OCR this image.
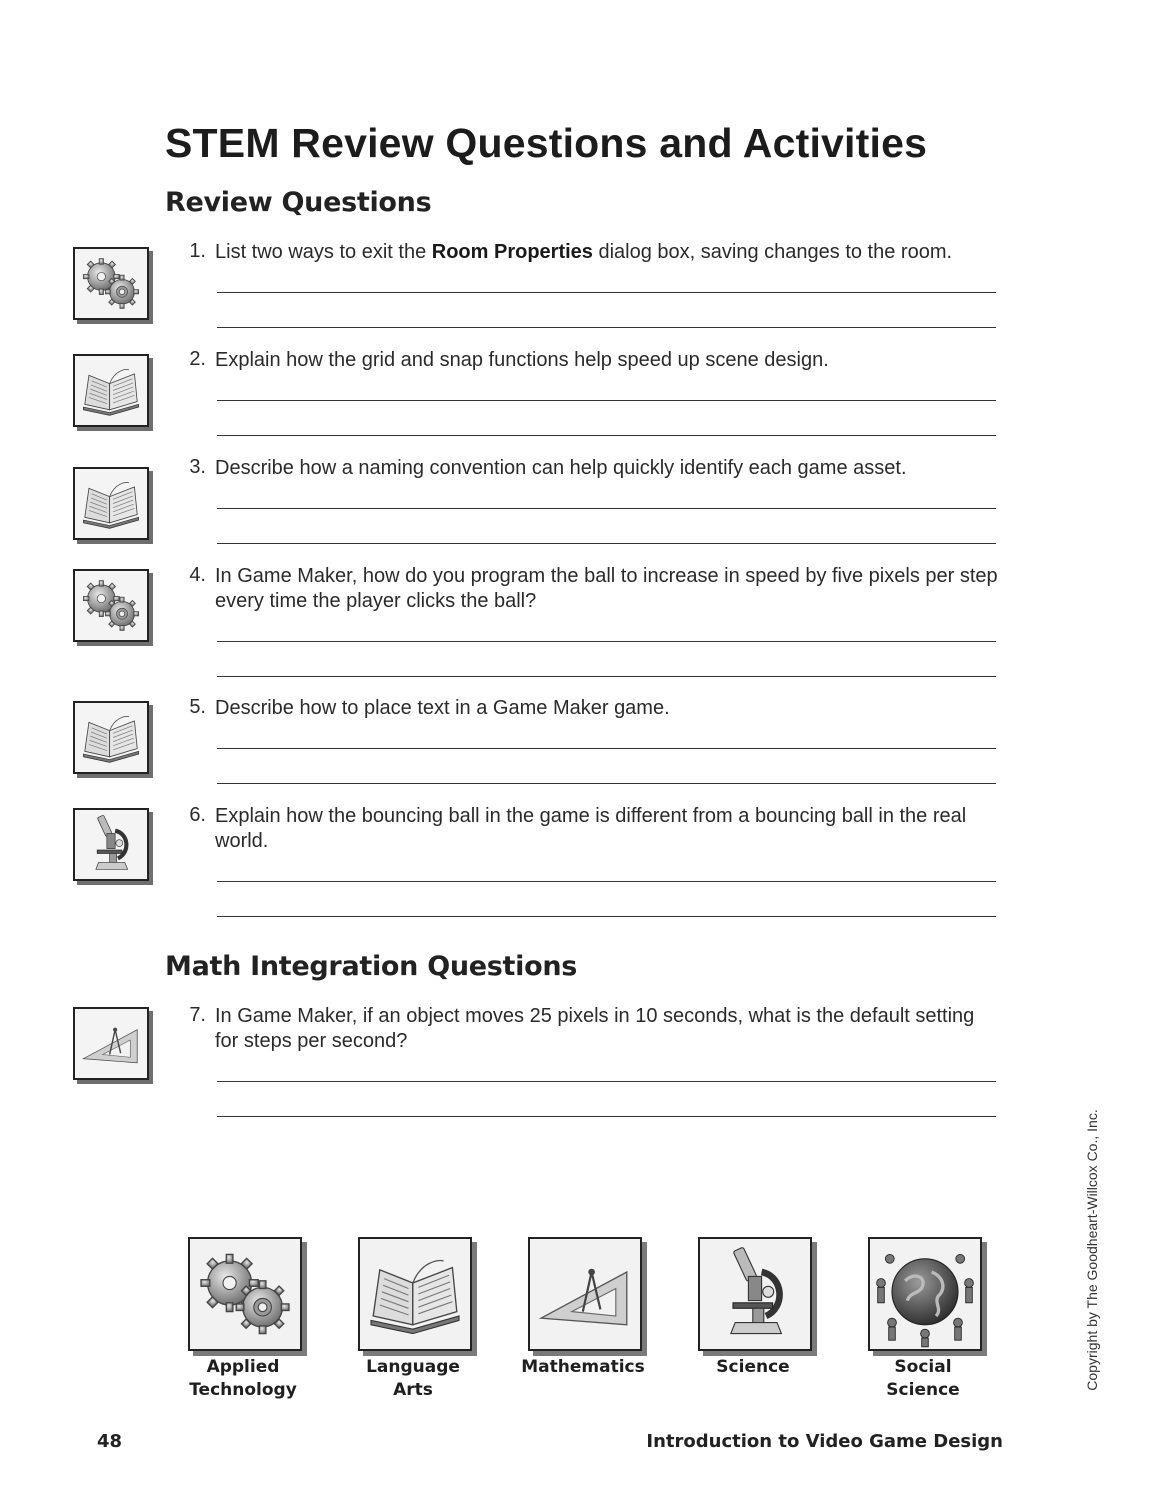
STEM Review Questions and Activities
Review Questions
1. List two ways to exit the Room Properties dialog box, saving changes to the room.
2. Explain how the grid and snap functions help speed up scene design.
3. Describe how a naming convention can help quickly identify each game asset.
4. In Game Maker, how do you program the ball to increase in speed by five pixels per step every time the player clicks the ball?
5. Describe how to place text in a Game Maker game.
6. Explain how the bouncing ball in the game is different from a bouncing ball in the real world.
Math Integration Questions
7. In Game Maker, if an object moves 25 pixels in 10 seconds, what is the default setting for steps per second?
Applied
Technology
Language
Arts
Mathematics	Science	Social
Science	Copyright by The Goodheart-Willcox Co., Inc.
48	Introduction to Video Game Design
